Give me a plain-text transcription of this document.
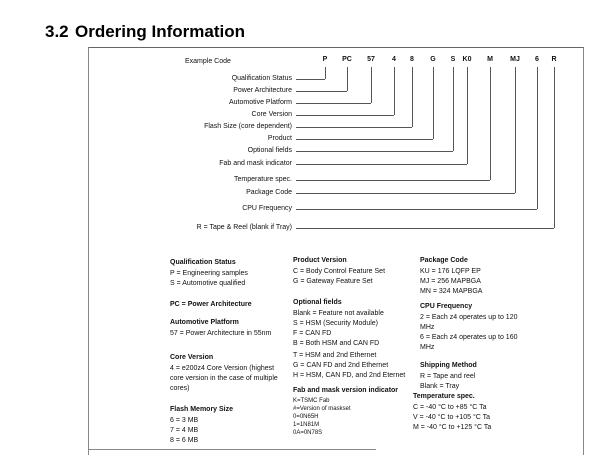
3.2 Ordering Information
Example Code	P PC 57 4 8 G S K0 M MJ 6 R
Qualification Status
Power Architecture
Automotive Platform
Core Version
Flash Size (core dependent)
Product
Optional fields
Fab and mask indicator
Temperature spec.
Package Code
CPU Frequency
R = Tape & Reel (blank if Tray)
Qualification Status
P = Engineering samples
S = Automotive qualified
PC = Power Architecture
Automotive Platform
57 = Power Architecture in 55nm
Core Version
4 = e200z4 Core Version (highest
core version in the case of multiple
cores)
Flash Memory Size
6 = 3 MB
7 = 4 MB
8 = 6 MB
Product Version
C = Body Control Feature Set
G = Gateway Feature Set
Optional fields
Blank = Feature not available
S = HSM (Security Module)
F = CAN FD
B = Both HSM and CAN FD
T = HSM and 2nd Ethernet
G = CAN FD and 2nd Ethernet
H = HSM, CAN FD, and 2nd Eternet
Fab and mask version indicator
K=TSMC Fab
#=Version of maskset
0=0N65H
1=1N81M
0A=0N78S
Package Code
KU = 176 LQFP EP
MJ = 256 MAPBGA
MN = 324 MAPBGA
CPU Frequency
2 = Each z4 operates up to 120
MHz
6 = Each z4 operates up to 160
MHz
Shipping Method
R = Tape and reel
Blank = Tray
Temperature spec.
C = -40 °C to +85 °C Ta
V = -40 °C to +105 °C Ta
M = -40 °C to +125 °C Ta
